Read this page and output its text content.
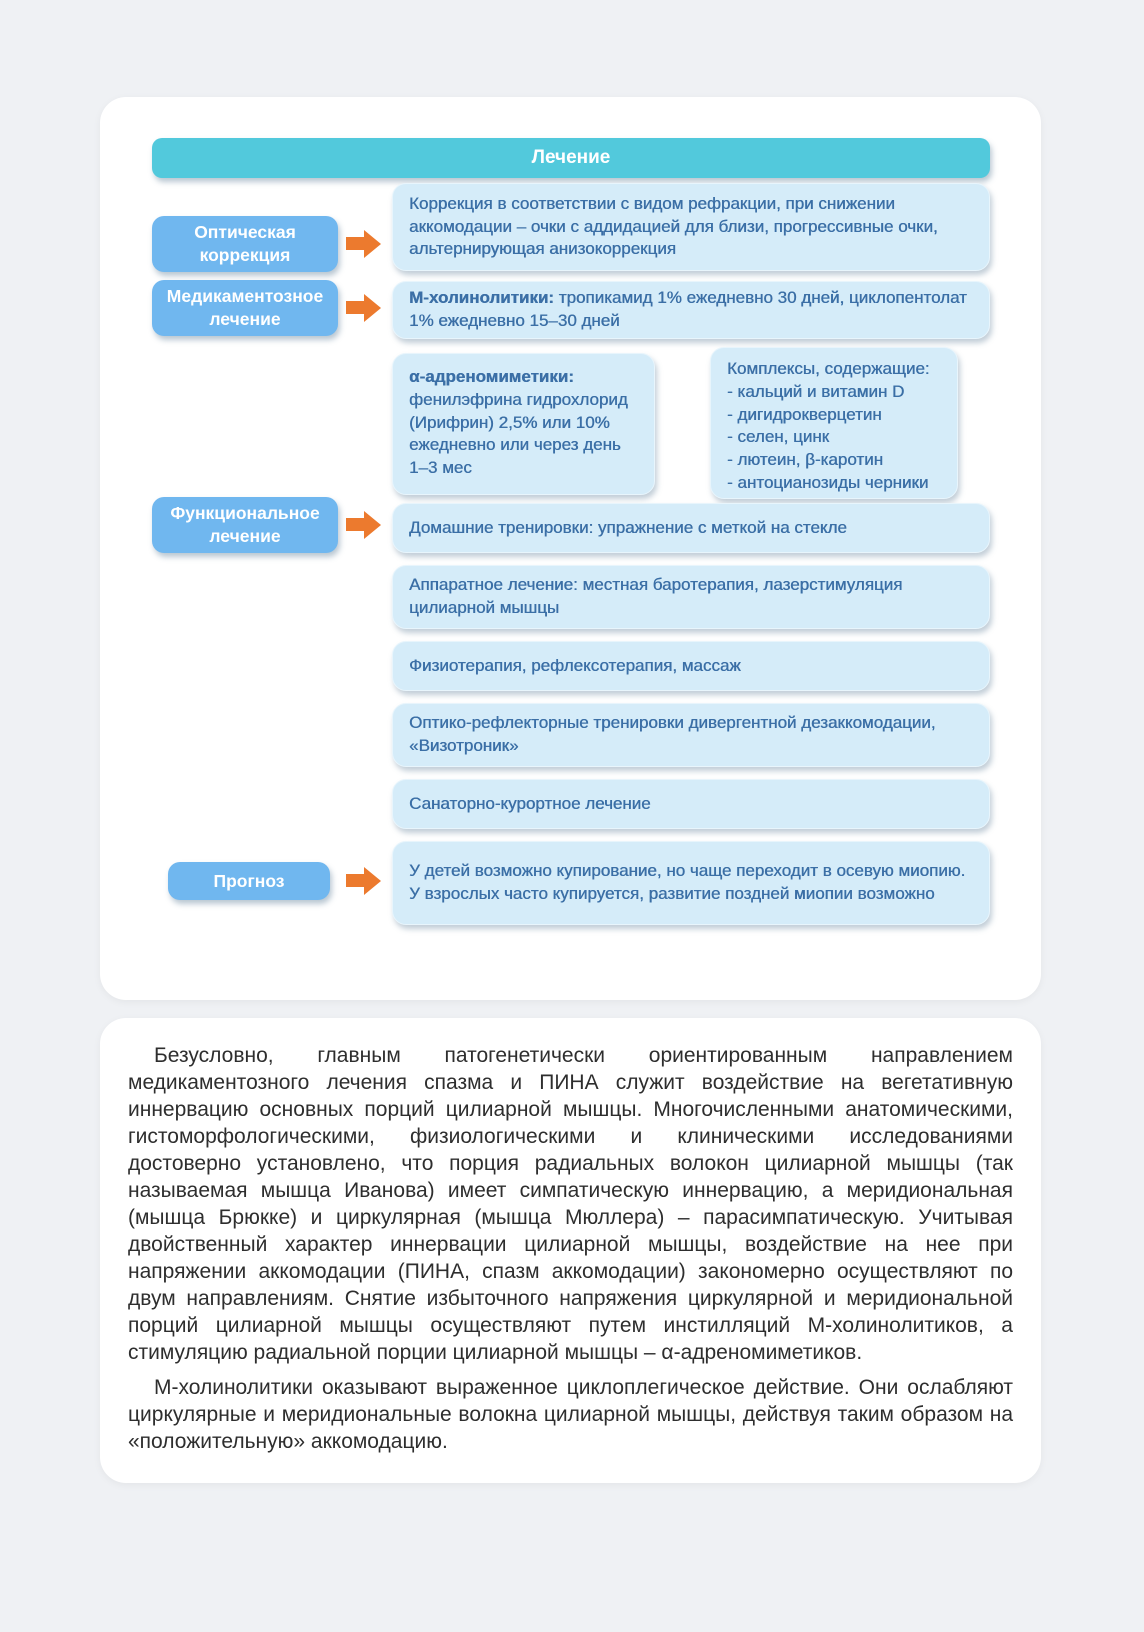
Лечение
Оптическая коррекция
Медикаментозное лечение
Функциональное лечение
Прогноз
Коррекция в соответствии с видом рефракции, при снижении аккомодации – очки с аддидацией для близи, прогрессивные очки, альтернирующая анизокоррекция
М-холинолитики: тропикамид 1% ежедневно 30 дней, циклопентолат 1% ежедневно 15–30 дней
α-адреномиметики:
фенилэфрина гидрохлорид (Ирифрин) 2,5% или 10% ежедневно или через день 1–3 мес
Комплексы, содержащие:
- кальций и витамин D
- дигидрокверцетин
- селен, цинк
- лютеин, β-каротин
- антоцианозиды черники
Домашние тренировки: упражнение с меткой на стекле
Аппаратное лечение: местная баротерапия, лазерстимуляция цилиарной мышцы
Физиотерапия, рефлексотерапия, массаж
Оптико-рефлекторные тренировки дивергентной дезаккомодации, «Визотроник»
Санаторно-курортное лечение
У детей возможно купирование, но чаще переходит в осевую миопию. У взрослых часто купируется, развитие поздней миопии возможно

Безусловно, главным патогенетически ориентированным направлением медикаментозного лечения спазма и ПИНА служит воздействие на вегетативную иннервацию основных порций цилиарной мышцы. Многочисленными анатомическими, гистоморфологическими, физиологическими и клиническими исследованиями достоверно установлено, что порция радиальных волокон цилиарной мышцы (так называемая мышца Иванова) имеет симпатическую иннервацию, а меридиональная (мышца Брюкке) и циркулярная (мышца Мюллера) – парасимпатическую. Учитывая двойственный характер иннервации цилиарной мышцы, воздействие на нее при напряжении аккомодации (ПИНА, спазм аккомодации) закономерно осуществляют по двум направлениям. Снятие избыточного напряжения циркулярной и меридиональной порций цилиарной мышцы осуществляют путем инстилляций М-холинолитиков, а стимуляцию радиальной порции цилиарной мышцы – α-адреномиметиков.

М-холинолитики оказывают выраженное циклоплегическое действие. Они ослабляют циркулярные и меридиональные волокна цилиарной мышцы, действуя таким образом на «положительную» аккомодацию.
